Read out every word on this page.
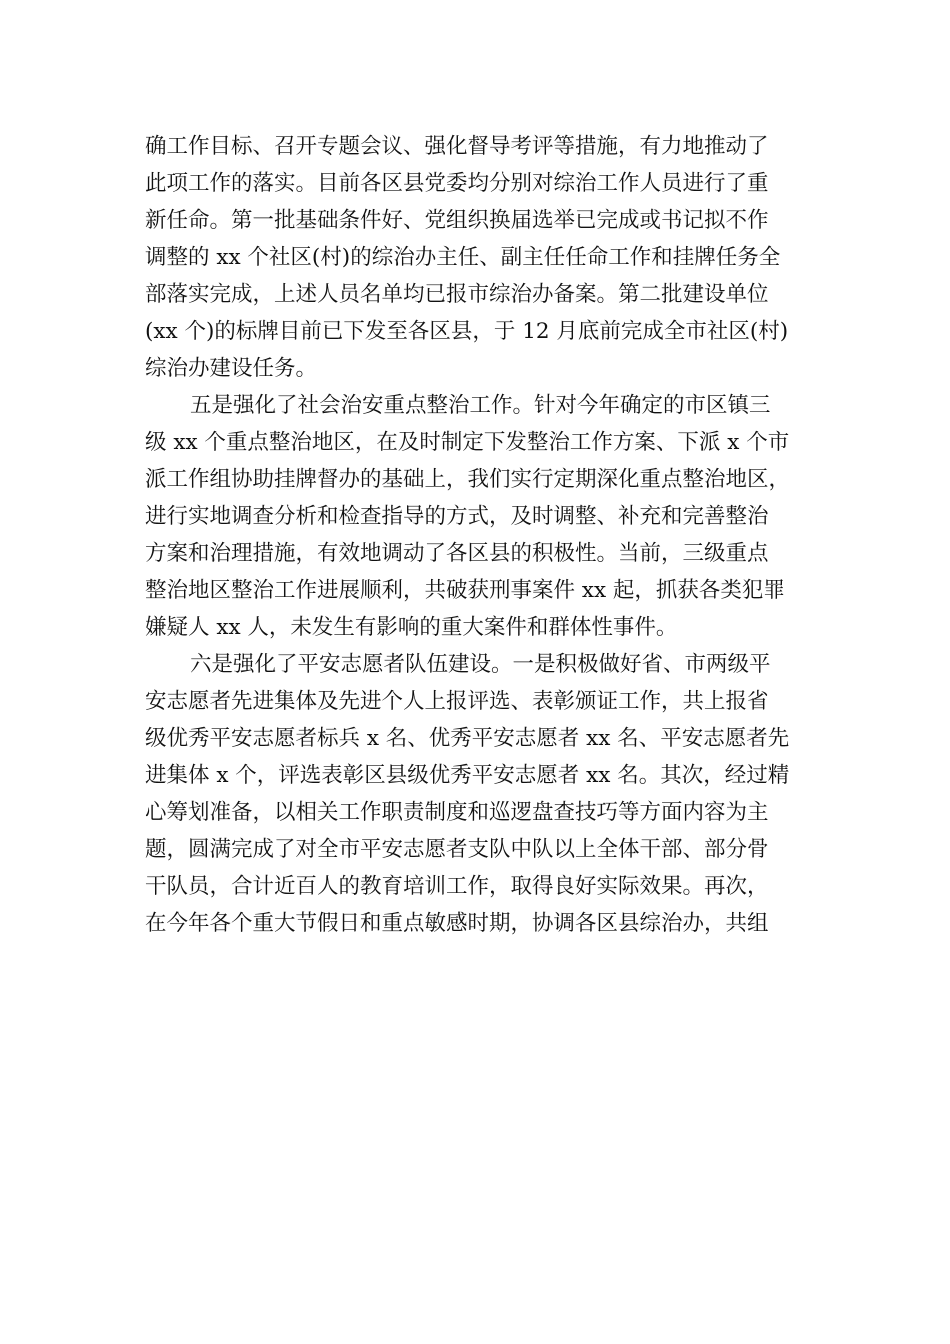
确工作目标、召开专题会议、强化督导考评等措施，有力地推动了
此项工作的落实。目前各区县党委均分别对综治工作人员进行了重
新任命。第一批基础条件好、党组织换届选举已完成或书记拟不作
调整的 xx 个社区(村)的综治办主任、副主任任命工作和挂牌任务全
部落实完成，上述人员名单均已报市综治办备案。第二批建设单位
(xx 个)的标牌目前已下发至各区县，于 12 月底前完成全市社区(村)
综治办建设任务。

五是强化了社会治安重点整治工作。针对今年确定的市区镇三
级 xx 个重点整治地区，在及时制定下发整治工作方案、下派 x 个市
派工作组协助挂牌督办的基础上，我们实行定期深化重点整治地区，
进行实地调查分析和检查指导的方式，及时调整、补充和完善整治
方案和治理措施，有效地调动了各区县的积极性。当前，三级重点
整治地区整治工作进展顺利，共破获刑事案件 xx 起，抓获各类犯罪
嫌疑人 xx 人，未发生有影响的重大案件和群体性事件。

六是强化了平安志愿者队伍建设。一是积极做好省、市两级平
安志愿者先进集体及先进个人上报评选、表彰颁证工作，共上报省
级优秀平安志愿者标兵 x 名、优秀平安志愿者 xx 名、平安志愿者先
进集体 x 个，评选表彰区县级优秀平安志愿者 xx 名。其次，经过精
心筹划准备，以相关工作职责制度和巡逻盘查技巧等方面内容为主
题，圆满完成了对全市平安志愿者支队中队以上全体干部、部分骨
干队员，合计近百人的教育培训工作，取得良好实际效果。再次，
在今年各个重大节假日和重点敏感时期，协调各区县综治办，共组
